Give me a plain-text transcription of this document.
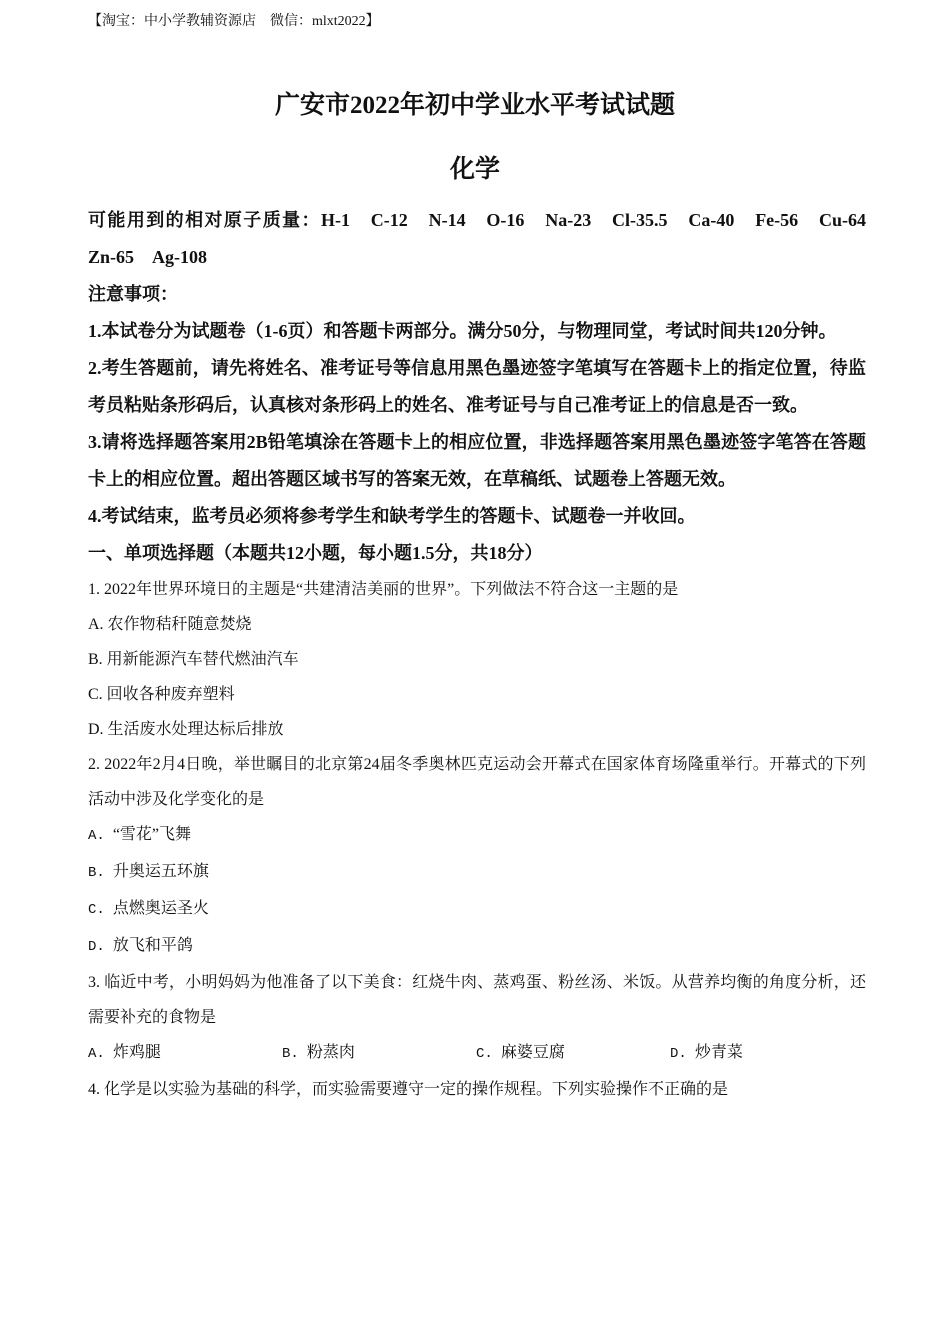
【淘宝：中小学教辅资源店　微信：mlxt2022】
广安市2022年初中学业水平考试试题
化学

可能用到的相对原子质量：H-1　C-12　N-14　O-16　Na-23　Cl-35.5　Ca-40　Fe-56　Cu-64　Zn-65　Ag-108

注意事项：

1.本试卷分为试题卷（1-6页）和答题卡两部分。满分50分，与物理同堂，考试时间共120分钟。

2.考生答题前，请先将姓名、准考证号等信息用黑色墨迹签字笔填写在答题卡上的指定位置，待监考员粘贴条形码后，认真核对条形码上的姓名、准考证号与自己准考证上的信息是否一致。

3.请将选择题答案用2B铅笔填涂在答题卡上的相应位置，非选择题答案用黑色墨迹签字笔答在答题卡上的相应位置。超出答题区域书写的答案无效，在草稿纸、试题卷上答题无效。

4.考试结束，监考员必须将参考学生和缺考学生的答题卡、试题卷一并收回。

一、单项选择题（本题共12小题，每小题1.5分，共18分）

1. 2022年世界环境日的主题是“共建清洁美丽的世界”。下列做法不符合这一主题的是

A. 农作物秸秆随意焚烧

B. 用新能源汽车替代燃油汽车

C. 回收各种废弃塑料

D. 生活废水处理达标后排放

2. 2022年2月4日晚，举世瞩目的北京第24届冬季奥林匹克运动会开幕式在国家体育场隆重举行。开幕式的下列活动中涉及化学变化的是

A. “雪花”飞舞

B. 升奥运五环旗

C. 点燃奥运圣火

D. 放飞和平鸽

3. 临近中考，小明妈妈为他准备了以下美食：红烧牛肉、蒸鸡蛋、粉丝汤、米饭。从营养均衡的角度分析，还需要补充的食物是

A. 炸鸡腿	B. 粉蒸肉	C. 麻婆豆腐	D. 炒青菜

4. 化学是以实验为基础的科学，而实验需要遵守一定的操作规程。下列实验操作不正确的是
